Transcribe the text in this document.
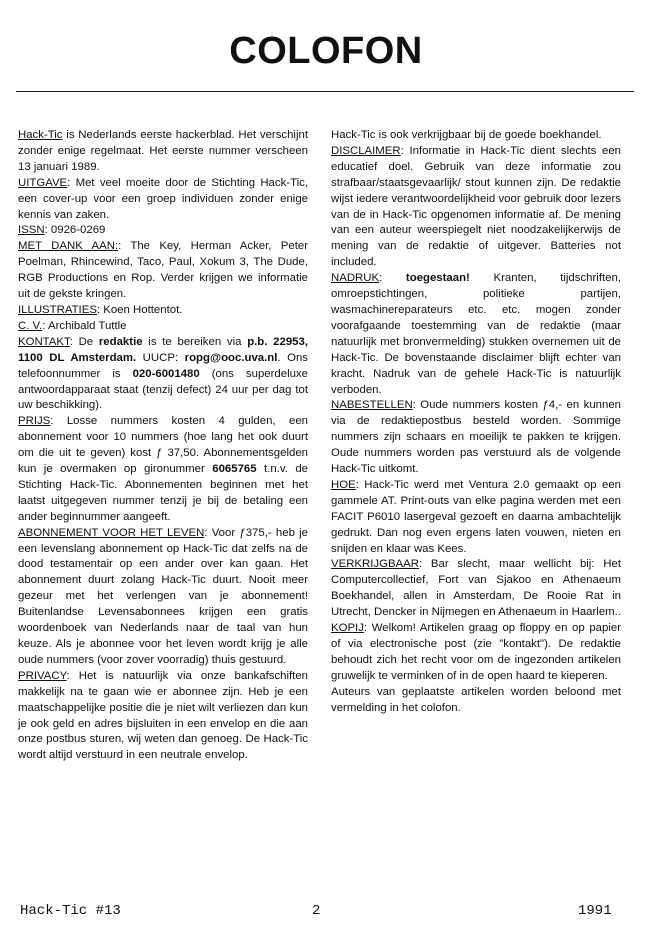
COLOFON

Hack-Tic is Nederlands eerste hackerblad. Het verschijnt zonder enige regelmaat. Het eerste nummer verscheen 13 januari 1989.

UITGAVE: Met veel moeite door de Stichting Hack-Tic, een cover-up voor een groep individuen zonder enige kennis van zaken.

ISSN: 0926-0269

MET DANK AAN:: The Key, Herman Acker, Peter Poelman, Rhincewind, Taco, Paul, Xokum 3, The Dude, RGB Productions en Rop. Verder krijgen we informatie uit de gekste kringen.

ILLUSTRATIES: Koen Hottentot.

C. V.: Archibald Tuttle

KONTAKT: De redaktie is te bereiken via p.b. 22953, 1100 DL Amsterdam. UUCP: ropg@ooc.uva.nl. Ons telefoonnummer is 020-6001480 (ons superdeluxe antwoordapparaat staat (tenzij defect) 24 uur per dag tot uw beschikking).

PRIJS: Losse nummers kosten 4 gulden, een abonnement voor 10 nummers (hoe lang het ook duurt om die uit te geven) kost ƒ 37,50. Abonnementsgelden kun je overmaken op gironummer 6065765 t.n.v. de Stichting Hack-Tic. Abonnementen beginnen met het laatst uitgegeven nummer tenzij je bij de betaling een ander beginnummer aangeeft.

ABONNEMENT VOOR HET LEVEN: Voor ƒ375,- heb je een levenslang abonnement op Hack-Tic dat zelfs na de dood testamentair op een ander over kan gaan. Het abonnement duurt zolang Hack-Tic duurt. Nooit meer gezeur met het verlengen van je abonnement! Buitenlandse Levensabonnees krijgen een gratis woordenboek van Nederlands naar de taal van hun keuze. Als je abonnee voor het leven wordt krijg je alle oude nummers (voor zover voorradig) thuis gestuurd.

PRIVACY: Het is natuurlijk via onze bankafschiften makkelijk na te gaan wie er abonnee zijn. Heb je een maatschappelijke positie die je niet wilt verliezen dan kun je ook geld en adres bijsluiten in een envelop en die aan onze postbus sturen, wij weten dan genoeg. De Hack-Tic wordt altijd verstuurd in een neutrale envelop.

Hack-Tic is ook verkrijgbaar bij de goede boekhandel.

DISCLAIMER: Informatie in Hack-Tic dient slechts een educatief doel. Gebruik van deze informatie zou strafbaar/staatsgevaarlijk/ stout kunnen zijn. De redaktie wijst iedere verantwoordelijkheid voor gebruik door lezers van de in Hack-Tic opgenomen informatie af. De mening van een auteur weerspiegelt niet noodzakelijkerwijs de mening van de redaktie of uitgever. Batteries not included.

NADRUK: toegestaan! Kranten, tijdschriften, omroepstichtingen, politieke partijen, wasmachinereparateurs etc. etc. mogen zonder voorafgaande toestemming van de redaktie (maar natuurlijk met bronvermelding) stukken overnemen uit de Hack-Tic. De bovenstaande disclaimer blijft echter van kracht. Nadruk van de gehele Hack-Tic is natuurlijk verboden.

NABESTELLEN: Oude nummers kosten ƒ4,- en kunnen via de redaktiepostbus besteld worden. Sommige nummers zijn schaars en moeilijk te pakken te krijgen. Oude nummers worden pas verstuurd als de volgende Hack-Tic uitkomt.

HOE: Hack-Tic werd met Ventura 2.0 gemaakt op een gammele AT. Print-outs van elke pagina werden met een FACIT P6010 lasergeval gezoeft en daarna ambachtelijk gedrukt. Dan nog even ergens laten vouwen, nieten en snijden en klaar was Kees.

VERKRIJGBAAR: Bar slecht, maar wellicht bij: Het Computercollectief, Fort van Sjakoo en Athenaeum Boekhandel, allen in Amsterdam, De Rooie Rat in Utrecht, Dencker in Nijmegen en Athenaeum in Haarlem..

KOPIJ: Welkom! Artikelen graag op floppy en op papier of via electronische post (zie "kontakt"). De redaktie behoudt zich het recht voor om de ingezonden artikelen gruwelijk te verminken of in de open haard te kieperen.

Auteurs van geplaatste artikelen worden beloond met vermelding in het colofon.

Hack-Tic #13	2	1991
